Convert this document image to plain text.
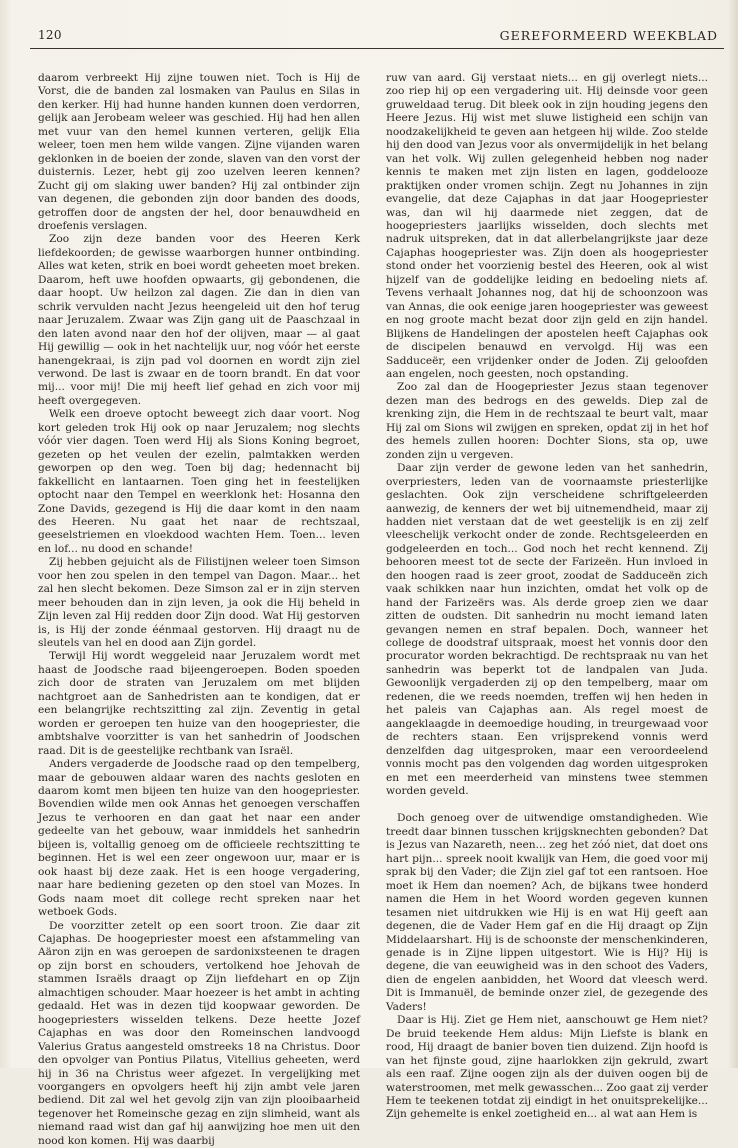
120	GEREFORMEERD WEEKBLAD

daarom verbreekt Hij zijne touwen niet. Toch is Hij de Vorst, die de banden zal losmaken van Paulus en Silas in den kerker. Hij had hunne handen kunnen doen verdorren, gelijk aan Jerobeam weleer was geschied. Hij had hen allen met vuur van den hemel kunnen verteren, gelijk Elia weleer, toen men hem wilde vangen. Zijne vijanden waren geklonken in de boeien der zonde, slaven van den vorst der duisternis. Lezer, hebt gij zoo uzelven leeren kennen? Zucht gij om slaking uwer banden? Hij zal ontbinder zijn van degenen, die gebonden zijn door banden des doods, getroffen door de angsten der hel, door benauwdheid en droefenis verslagen.

Zoo zijn deze banden voor des Heeren Kerk liefdekoorden; de gewisse waarborgen hunner ontbinding. Alles wat keten, strik en boei wordt geheeten moet breken. Daarom, heft uwe hoofden opwaarts, gij gebondenen, die daar hoopt. Uw heilzon zal dagen. Zie dan in dien van schrik vervulden nacht Jezus heengeleid uit den hof terug naar Jeruzalem. Zwaar was Zijn gang uit de Paaschzaal in den laten avond naar den hof der olijven, maar — al gaat Hij gewillig — ook in het nachtelijk uur, nog vóór het eerste hanengekraai, is zijn pad vol doornen en wordt zijn ziel verwond. De last is zwaar en de toorn brandt. En dat voor mij... voor mij! Die mij heeft lief gehad en zich voor mij heeft overgegeven.

Welk een droeve optocht beweegt zich daar voort. Nog kort geleden trok Hij ook op naar Jeruzalem; nog slechts vóór vier dagen. Toen werd Hij als Sions Koning begroet, gezeten op het veulen der ezelin, palmtakken werden geworpen op den weg. Toen bij dag; hedennacht bij fakkellicht en lantaarnen. Toen ging het in feestelijken optocht naar den Tempel en weerklonk het: Hosanna den Zone Davids, gezegend is Hij die daar komt in den naam des Heeren. Nu gaat het naar de rechtszaal, geeselstriemen en vloekdood wachten Hem. Toen... leven en lof... nu dood en schande!

Zij hebben gejuicht als de Filistijnen weleer toen Simson voor hen zou spelen in den tempel van Dagon. Maar... het zal hen slecht bekomen. Deze Simson zal er in zijn sterven meer behouden dan in zijn leven, ja ook die Hij beheld in Zijn leven zal Hij redden door Zijn dood. Wat Hij gestorven is, is Hij der zonde éénmaal gestorven. Hij draagt nu de sleutels van hel en dood aan Zijn gordel.

Terwijl Hij wordt weggeleid naar Jeruzalem wordt met haast de Joodsche raad bijeengeroepen. Boden spoeden zich door de straten van Jeruzalem om met blijden nachtgroet aan de Sanhedristen aan te kondigen, dat er een belangrijke rechtszitting zal zijn. Zeventig in getal worden er geroepen ten huize van den hoogepriester, die ambtshalve voorzitter is van het sanhedrin of Joodschen raad. Dit is de geestelijke rechtbank van Israël.

Anders vergaderde de Joodsche raad op den tempelberg, maar de gebouwen aldaar waren des nachts gesloten en daarom komt men bijeen ten huize van den hoogepriester. Bovendien wilde men ook Annas het genoegen verschaffen Jezus te verhooren en dan gaat het naar een ander gedeelte van het gebouw, waar inmiddels het sanhedrin bijeen is, voltallig genoeg om de officieele rechtszitting te beginnen. Het is wel een zeer ongewoon uur, maar er is ook haast bij deze zaak. Het is een hooge vergadering, naar hare bediening gezeten op den stoel van Mozes. In Gods naam moet dit college recht spreken naar het wetboek Gods.

De voorzitter zetelt op een soort troon. Zie daar zit Cajaphas. De hoogepriester moest een afstammeling van Aäron zijn en was geroepen de sardonixsteenen te dragen op zijn borst en schouders, vertolkend hoe Jehovah de stammen Israëls draagt op Zijn liefdehart en op Zijn almachtigen schouder. Maar hoezeer is het ambt in achting gedaald. Het was in dezen tijd koopwaar geworden. De hoogepriesters wisselden telkens. Deze heette Jozef Cajaphas en was door den Romeinschen landvoogd Valerius Gratus aangesteld omstreeks 18 na Christus. Door den opvolger van Pontius Pilatus, Vitellius geheeten, werd hij in 36 na Christus weer afgezet. In vergelijking met voorgangers en opvolgers heeft hij zijn ambt vele jaren bediend. Dit zal wel het gevolg zijn van zijn plooibaarheid tegenover het Romeinsche gezag en zijn slimheid, want als niemand raad wist dan gaf hij aanwijzing hoe men uit den nood kon komen. Hij was daarbij

ruw van aard. Gij verstaat niets... en gij overlegt niets... zoo riep hij op een vergadering uit. Hij deinsde voor geen gruweldaad terug. Dit bleek ook in zijn houding jegens den Heere Jezus. Hij wist met sluwe listigheid een schijn van noodzakelijkheid te geven aan hetgeen hij wilde. Zoo stelde hij den dood van Jezus voor als onvermijdelijk in het belang van het volk. Wij zullen gelegenheid hebben nog nader kennis te maken met zijn listen en lagen, goddelooze praktijken onder vromen schijn. Zegt nu Johannes in zijn evangelie, dat deze Cajaphas in dat jaar Hoogepriester was, dan wil hij daarmede niet zeggen, dat de hoogepriesters jaarlijks wisselden, doch slechts met nadruk uitspreken, dat in dat allerbelangrijkste jaar deze Cajaphas hoogepriester was. Zijn doen als hoogepriester stond onder het voorzienig bestel des Heeren, ook al wist hijzelf van de goddelijke leiding en bedoeling niets af. Tevens verhaalt Johannes nog, dat hij de schoonzoon was van Annas, die ook eenige jaren hoogepriester was geweest en nog groote macht bezat door zijn geld en zijn handel. Blijkens de Handelingen der apostelen heeft Cajaphas ook de discipelen benauwd en vervolgd. Hij was een Sadduceër, een vrijdenker onder de Joden. Zij geloofden aan engelen, noch geesten, noch opstanding.

Zoo zal dan de Hoogepriester Jezus staan tegenover dezen man des bedrogs en des gewelds. Diep zal de krenking zijn, die Hem in de rechtszaal te beurt valt, maar Hij zal om Sions wil zwijgen en spreken, opdat zij in het hof des hemels zullen hooren: Dochter Sions, sta op, uwe zonden zijn u vergeven.

Daar zijn verder de gewone leden van het sanhedrin, overpriesters, leden van de voornaamste priesterlijke geslachten. Ook zijn verscheidene schriftgeleerden aanwezig, de kenners der wet bij uitnemendheid, maar zij hadden niet verstaan dat de wet geestelijk is en zij zelf vleeschelijk verkocht onder de zonde. Rechtsgeleerden en godgeleerden en toch... God noch het recht kennend. Zij behooren meest tot de secte der Farizeën. Hun invloed in den hoogen raad is zeer groot, zoodat de Sadduceën zich vaak schikken naar hun inzichten, omdat het volk op de hand der Farizeërs was. Als derde groep zien we daar zitten de oudsten. Dit sanhedrin nu mocht iemand laten gevangen nemen en straf bepalen. Doch, wanneer het college de doodstraf uitspraak, moest het vonnis door den procurator worden bekrachtigd. De rechtspraak nu van het sanhedrin was beperkt tot de landpalen van Juda. Gewoonlijk vergaderden zij op den tempelberg, maar om redenen, die we reeds noemden, treffen wij hen heden in het paleis van Cajaphas aan. Als regel moest de aangeklaagde in deemoedige houding, in treurgewaad voor de rechters staan. Een vrijsprekend vonnis werd denzelfden dag uitgesproken, maar een veroordeelend vonnis mocht pas den volgenden dag worden uitgesproken en met een meerderheid van minstens twee stemmen worden geveld.

Doch genoeg over de uitwendige omstandigheden. Wie treedt daar binnen tusschen krijgsknechten gebonden? Dat is Jezus van Nazareth, neen... zeg het zóó niet, dat doet ons hart pijn... spreek nooit kwalijk van Hem, die goed voor mij sprak bij den Vader; die Zijn ziel gaf tot een rantsoen. Hoe moet ik Hem dan noemen? Ach, de bijkans twee honderd namen die Hem in het Woord worden gegeven kunnen tesamen niet uitdrukken wie Hij is en wat Hij geeft aan degenen, die de Vader Hem gaf en die Hij draagt op Zijn Middelaarshart. Hij is de schoonste der menschenkinderen, genade is in Zijne lippen uitgestort. Wie is Hij? Hij is degene, die van eeuwigheid was in den schoot des Vaders, dien de engelen aanbidden, het Woord dat vleesch werd. Dit is Immanuël, de beminde onzer ziel, de gezegende des Vaders!

Daar is Hij. Ziet ge Hem niet, aanschouwt ge Hem niet? De bruid teekende Hem aldus: Mijn Liefste is blank en rood, Hij draagt de banier boven tien duizend. Zijn hoofd is van het fijnste goud, zijne haarlokken zijn gekruld, zwart als een raaf. Zijne oogen zijn als der duiven oogen bij de waterstroomen, met melk gewasschen... Zoo gaat zij verder Hem te teekenen totdat zij eindigt in het onuitsprekelijke... Zijn gehemelte is enkel zoetigheid en... al wat aan Hem is
